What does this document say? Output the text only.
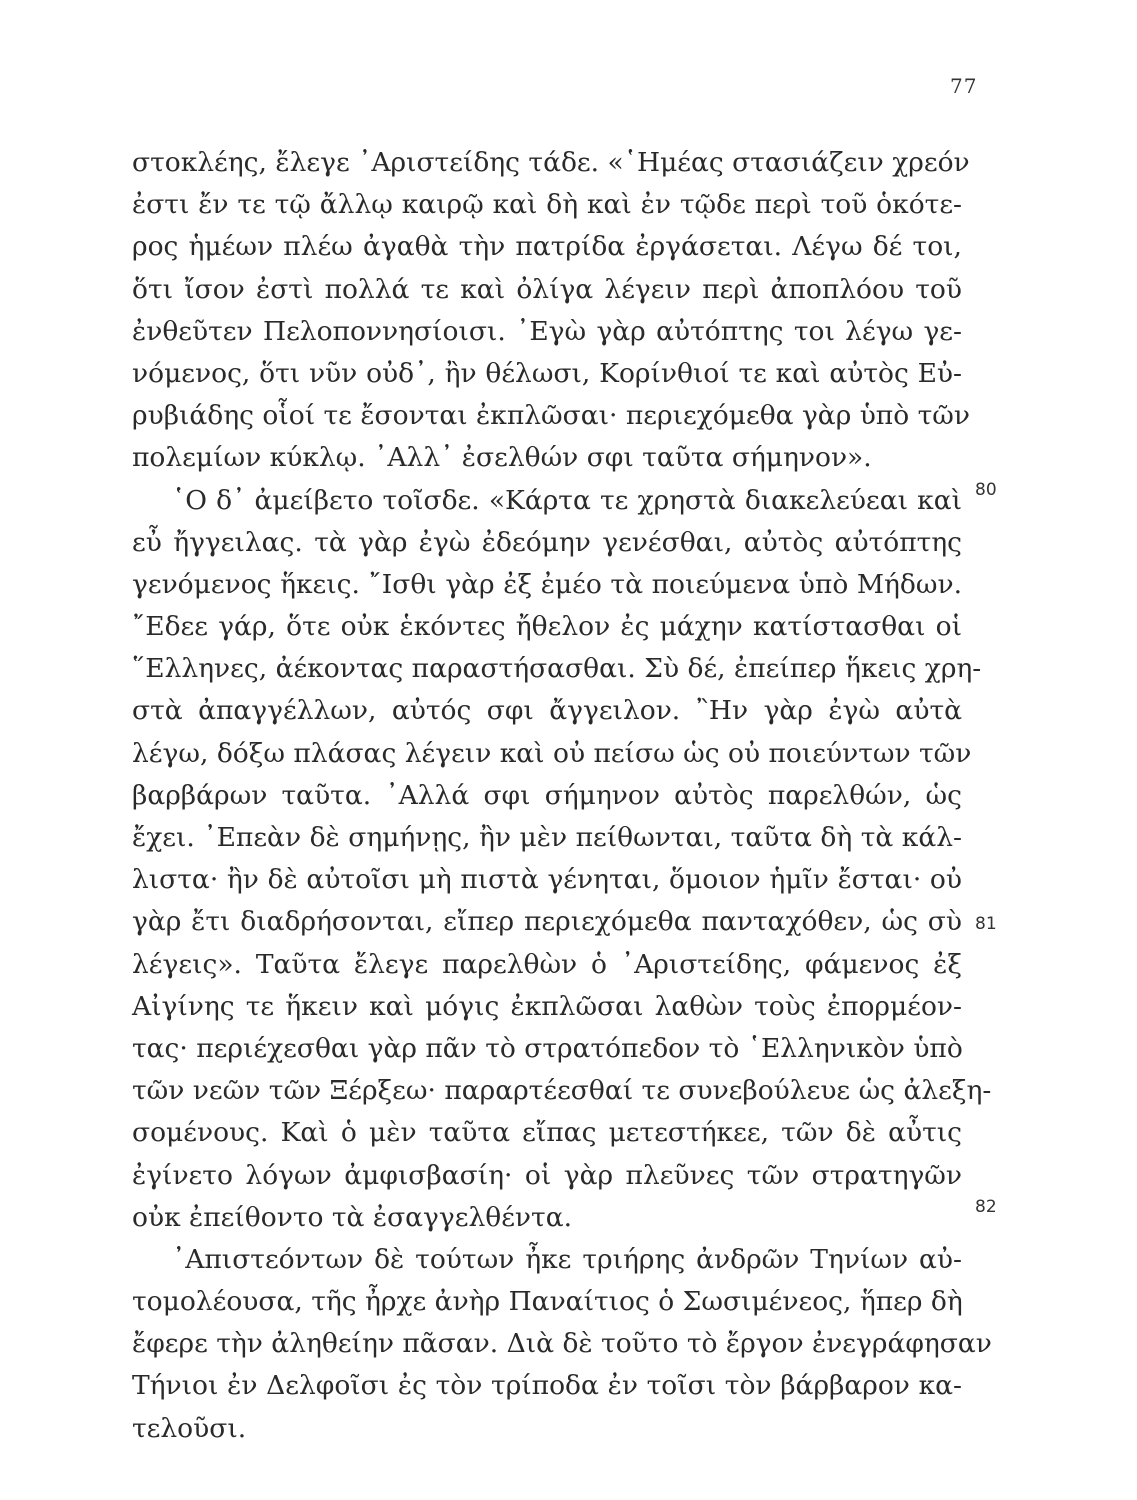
77
στοκλέης, ἔλεγε ᾿Αριστείδης τάδε. «῾Ημέας στασιάζειν χρεόν
ἐστι ἔν τε τῷ ἄλλῳ καιρῷ καὶ δὴ καὶ ἐν τῷδε περὶ τοῦ ὁκότε-
ρος ἡμέων πλέω ἀγαθὰ τὴν πατρίδα ἐργάσεται. Λέγω δέ τοι,
ὅτι ἴσον ἐστὶ πολλά τε καὶ ὀλίγα λέγειν περὶ ἀποπλόου τοῦ
ἐνθεῦτεν Πελοποννησίοισι. ᾿Εγὼ γὰρ αὐτόπτης τοι λέγω γε-
νόμενος, ὅτι νῦν οὐδ᾿, ἢν θέλωσι, Κορίνθιοί τε καὶ αὐτὸς Εὐ-
ρυβιάδης οἷοί τε ἔσονται ἐκπλῶσαι· περιεχόμεθα γὰρ ὑπὸ τῶν
πολεμίων κύκλῳ. ᾿Αλλ᾿ ἐσελθών σφι ταῦτα σήμηνον».
῾Ο δ᾿ ἀμείβετο τοῖσδε. «Κάρτα τε χρηστὰ διακελεύεαι καὶ
εὖ ἤγγειλας. τὰ γὰρ ἐγὼ ἐδεόμην γενέσθαι, αὐτὸς αὐτόπτης
γενόμενος ἥκεις. ῎Ισθι γὰρ ἐξ ἐμέο τὰ ποιεύμενα ὑπὸ Μήδων.
῎Εδεε γάρ, ὅτε οὐκ ἑκόντες ἤθελον ἐς μάχην κατίστασθαι οἱ
῞Ελληνες, ἀέκοντας παραστήσασθαι. Σὺ δέ, ἐπείπερ ἥκεις χρη-
στὰ ἀπαγγέλλων, αὐτός σφι ἄγγειλον. ῍Ην γὰρ ἐγὼ αὐτὰ
λέγω, δόξω πλάσας λέγειν καὶ οὐ πείσω ὡς οὐ ποιεύντων τῶν
βαρβάρων ταῦτα. ᾿Αλλά σφι σήμηνον αὐτὸς παρελθών, ὡς
ἔχει. ᾿Επεὰν δὲ σημήνῃς, ἢν μὲν πείθωνται, ταῦτα δὴ τὰ κάλ-
λιστα· ἢν δὲ αὐτοῖσι μὴ πιστὰ γένηται, ὅμοιον ἡμῖν ἔσται· οὐ
γὰρ ἔτι διαδρήσονται, εἴπερ περιεχόμεθα πανταχόθεν, ὡς σὺ
λέγεις». Ταῦτα ἔλεγε παρελθὼν ὁ ᾿Αριστείδης, φάμενος ἐξ
Αἰγίνης τε ἥκειν καὶ μόγις ἐκπλῶσαι λαθὼν τοὺς ἐπορμέον-
τας· περιέχεσθαι γὰρ πᾶν τὸ στρατόπεδον τὸ ῾Ελληνικὸν ὑπὸ
τῶν νεῶν τῶν Ξέρξεω· παραρτέεσθαί τε συνεβούλευε ὡς ἀλεξη-
σομένους. Καὶ ὁ μὲν ταῦτα εἴπας μετεστήκεε, τῶν δὲ αὖτις
ἐγίνετο λόγων ἀμφισβασίη· οἱ γὰρ πλεῦνες τῶν στρατηγῶν
οὐκ ἐπείθοντο τὰ ἐσαγγελθέντα.
᾿Απιστεόντων δὲ τούτων ἦκε τριήρης ἀνδρῶν Τηνίων αὐ-
τομολέουσα, τῆς ἦρχε ἀνὴρ Παναίτιος ὁ Σωσιμένεος, ἥπερ δὴ
ἔφερε τὴν ἀληθείην πᾶσαν. Διὰ δὲ τοῦτο τὸ ἔργον ἐνεγράφησαν
Τήνιοι ἐν Δελφοῖσι ἐς τὸν τρίποδα ἐν τοῖσι τὸν βάρβαρον κα-
τελοῦσι.
80
81
82
